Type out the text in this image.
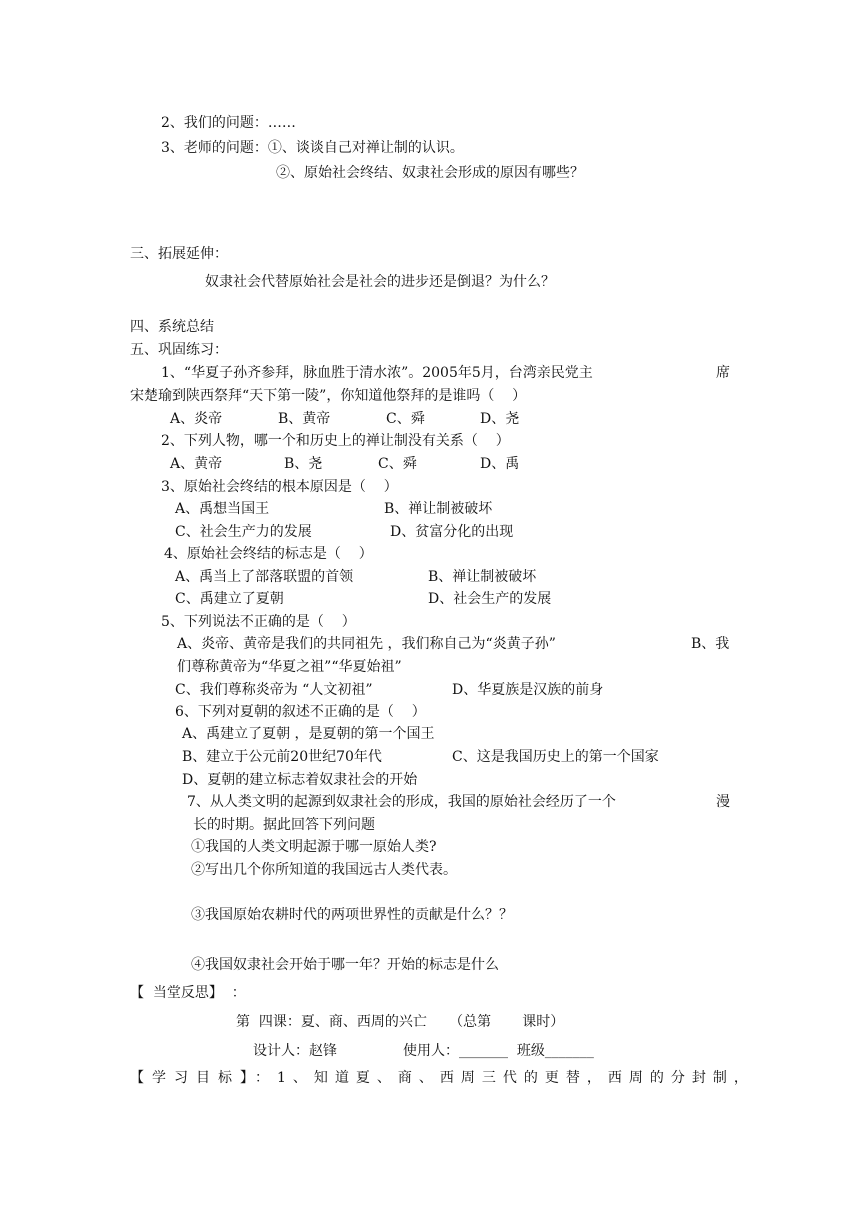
2、我们的问题：……
3、老师的问题：①、谈谈自己对禅让制的认识。
②、原始社会终结、奴隶社会形成的原因有哪些？
三、拓展延伸：
奴隶社会代替原始社会是社会的进步还是倒退？为什么？
四、系统总结
五、巩固练习：
1、“华夏子孙齐参拜，脉血胜于清水浓”。2005年5月，台湾亲民党主	席
宋楚瑜到陕西祭拜“天下第一陵”，你知道他祭拜的是谁吗（    ）
A、炎帝	B、黄帝	C、舜	D、尧
2、下列人物，哪一个和历史上的禅让制没有关系（    ）
A、黄帝	B、尧	C、舜	D、禹
3、原始社会终结的根本原因是（    ）
A、禹想当国王	B、禅让制被破坏
C、社会生产力的发展	D、贫富分化的出现
4、原始社会终结的标志是（    ）
A、禹当上了部落联盟的首领	B、禅让制被破坏
C、禹建立了夏朝	D、社会生产的发展
5、下列说法不正确的是（    ）
A、炎帝、黄帝是我们的共同祖先 ，我们称自己为“炎黄子孙”	B、我
们尊称黄帝为“华夏之祖”“华夏始祖”
C、我们尊称炎帝为 “人文初祖”	D、华夏族是汉族的前身
6、下列对夏朝的叙述不正确的是（    ）
A、禹建立了夏朝 ，是夏朝的第一个国王
B、建立于公元前20世纪70年代	C、这是我国历史上的第一个国家
D、夏朝的建立标志着奴隶社会的开始
7、从人类文明的起源到奴隶社会的形成，我国的原始社会经历了一个	漫
长的时期。据此回答下列问题
①我国的人类文明起源于哪一原始人类?
②写出几个你所知道的我国远古人类代表。
③我国原始农耕时代的两项世界性的贡献是什么？？
④我国奴隶社会开始于哪一年？开始的标志是什么
【  当堂反思】  ：
第  四课：夏、商、西周的兴亡     （总第       课时）
设计人：赵锋	使用人：_______  班级_______
【学习目标】： 1、知道夏、商、西周三代的更替，西周的分封制，
